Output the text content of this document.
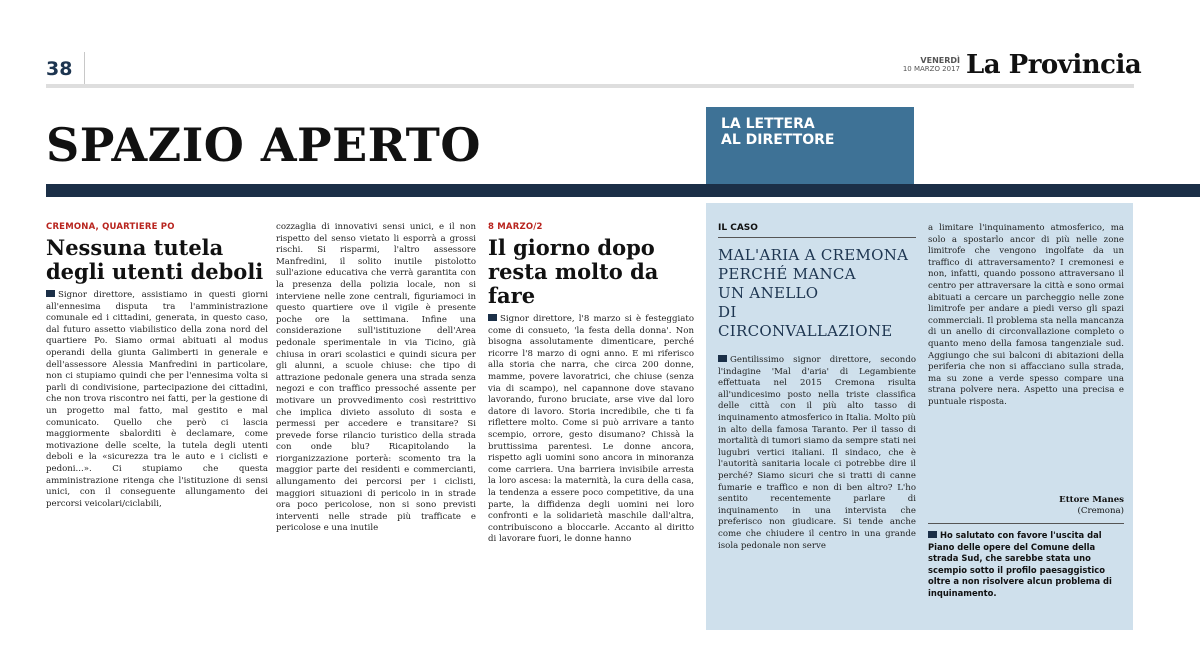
38	VENERDÌ
10 MARZO 2017 La Provincia
SPAZIO APERTO	LA LETTERA
AL DIRETTORE
CREMONA, QUARTIERE PO
Nessuna tutela
degli utenti deboli

Signor direttore, assistiamo in questi giorni all'ennesima disputa tra l'amministrazione comunale ed i cittadini, generata, in questo caso, dal futuro assetto viabilistico della zona nord del quartiere Po. Siamo ormai abituati al modus operandi della giunta Galimberti in generale e dell'assessore Alessia Manfredini in particolare, non ci stupiamo quindi che per l'ennesima volta si parli di condivisione, partecipazione dei cittadini, che non trova riscontro nei fatti, per la gestione di un progetto mal fatto, mal gestito e mal comunicato. Quello che però ci lascia maggiormente sbalorditi è declamare, come motivazione delle scelte, la tutela degli utenti deboli e la «sicurezza tra le auto e i ciclisti e pedoni...». Ci stupiamo che questa amministrazione ritenga che l'istituzione di sensi unici, con il conseguente allungamento dei percorsi veicolari/ciclabili,

cozzaglia di innovativi sensi unici, e il non rispetto del senso vietato li esporrà a grossi rischi. Si risparmi, l'altro assessore Manfredini, il solito inutile pistolotto sull'azione educativa che verrà garantita con la presenza della polizia locale, non si interviene nelle zone centrali, figuriamoci in questo quartiere ove il vigile è presente poche ore la settimana. Infine una considerazione sull'istituzione dell'Area pedonale sperimentale in via Ticino, già chiusa in orari scolastici e quindi sicura per gli alunni, a scuole chiuse: che tipo di attrazione pedonale genera una strada senza negozi e con traffico pressoché assente per motivare un provvedimento così restrittivo che implica divieto assoluto di sosta e permessi per accedere e transitare? Si prevede forse rilancio turistico della strada con onde blu? Ricapitolando la riorganizzazione porterà: scomento tra la maggior parte dei residenti e commercianti, allungamento dei percorsi per i ciclisti, maggiori situazioni di pericolo in in strade ora poco pericolose, non si sono previsti interventi nelle strade più trafficate e pericolose e una inutile

8 MARZO/2
Il giorno dopo
resta molto da fare

Signor direttore, l'8 marzo si è festeggiato come di consueto, 'la festa della donna'. Non bisogna assolutamente dimenticare, perché ricorre l'8 marzo di ogni anno. E mi riferisco alla storia che narra, che circa 200 donne, mamme, povere lavoratrici, che chiuse (senza via di scampo), nel capannone dove stavano lavorando, furono bruciate, arse vive dal loro datore di lavoro. Storia incredibile, che ti fa riflettere molto. Come si può arrivare a tanto scempio, orrore, gesto disumano? Chissà la bruttissima parentesi. Le donne ancora, rispetto agli uomini sono ancora in minoranza come carriera. Una barriera invisibile arresta la loro ascesa: la maternità, la cura della casa, la tendenza a essere poco competitive, da una parte, la diffidenza degli uomini nei loro confronti e la solidarietà maschile dall'altra, contribuiscono a bloccarle. Accanto al diritto di lavorare fuori, le donne hanno

IL CASO
MAL'ARIA A CREMONA
PERCHÉ MANCA
UN ANELLO
DI CIRCONVALLAZIONE

Gentilissimo signor direttore, secondo l'indagine 'Mal d'aria' di Legambiente effettuata nel 2015 Cremona risulta all'undicesimo posto nella triste classifica delle città con il più alto tasso di inquinamento atmosferico in Italia. Molto più in alto della famosa Taranto. Per il tasso di mortalità di tumori siamo da sempre stati nei lugubri vertici italiani. Il sindaco, che è l'autorità sanitaria locale ci potrebbe dire il perché? Siamo sicuri che si tratti di canne fumarie e traffico e non di ben altro? L'ho sentito recentemente parlare di inquinamento in una intervista che preferisco non giudicare. Si tende anche come che chiudere il centro in una grande isola pedonale non serve

a limitare l'inquinamento atmosferico, ma solo a spostarlo ancor di più nelle zone limitrofe che vengono ingolfate da un traffico di attraversamento? I cremonesi e non, infatti, quando possono attraversano il centro per attraversare la città e sono ormai abituati a cercare un parcheggio nelle zone limitrofe per andare a piedi verso gli spazi commerciali. Il problema sta nella mancanza di un anello di circonvallazione completo o quanto meno della famosa tangenziale sud. Aggiungo che sui balconi di abitazioni della periferia che non si affacciano sulla strada, ma su zone a verde spesso compare una strana polvere nera. Aspetto una precisa e puntuale risposta.

Ettore Manes
(Cremona)
Ho salutato con favore l'uscita dal Piano delle opere del Comune della strada Sud, che sarebbe stata uno scempio sotto il profilo paesaggistico oltre a non risolvere alcun problema di inquinamento.
